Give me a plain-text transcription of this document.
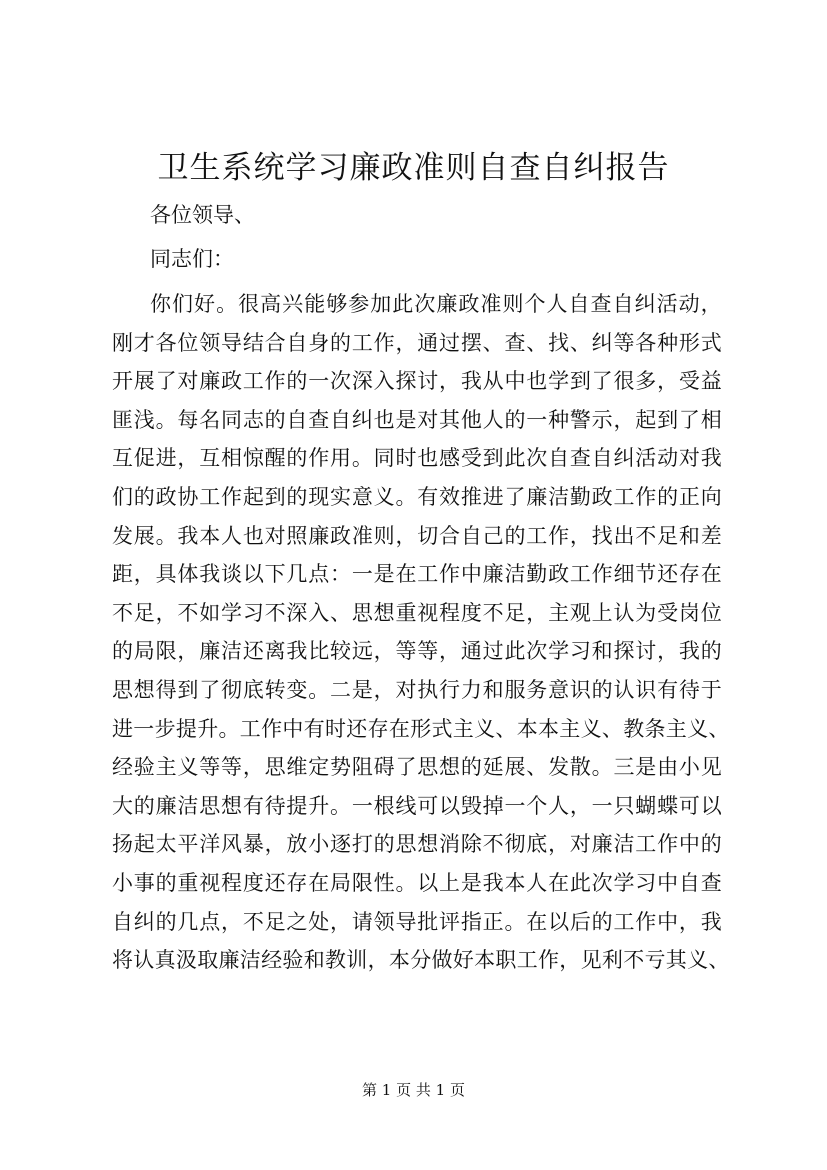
卫生系统学习廉政准则自查自纠报告

各位领导、

同志们：

你们好。很高兴能够参加此次廉政准则个人自查自纠活动，
刚才各位领导结合自身的工作，通过摆、查、找、纠等各种形式
开展了对廉政工作的一次深入探讨，我从中也学到了很多，受益
匪浅。每名同志的自查自纠也是对其他人的一种警示，起到了相
互促进，互相惊醒的作用。同时也感受到此次自查自纠活动对我
们的政协工作起到的现实意义。有效推进了廉洁勤政工作的正向
发展。我本人也对照廉政准则，切合自己的工作，找出不足和差
距，具体我谈以下几点：一是在工作中廉洁勤政工作细节还存在
不足，不如学习不深入、思想重视程度不足，主观上认为受岗位
的局限，廉洁还离我比较远，等等，通过此次学习和探讨，我的
思想得到了彻底转变。二是，对执行力和服务意识的认识有待于
进一步提升。工作中有时还存在形式主义、本本主义、教条主义、
经验主义等等，思维定势阻碍了思想的延展、发散。三是由小见
大的廉洁思想有待提升。一根线可以毁掉一个人，一只蝴蝶可以
扬起太平洋风暴，放小逐打的思想消除不彻底，对廉洁工作中的
小事的重视程度还存在局限性。以上是我本人在此次学习中自查
自纠的几点，不足之处，请领导批评指正。在以后的工作中，我
将认真汲取廉洁经验和教训，本分做好本职工作，见利不亏其义、
第 1 页 共 1 页
